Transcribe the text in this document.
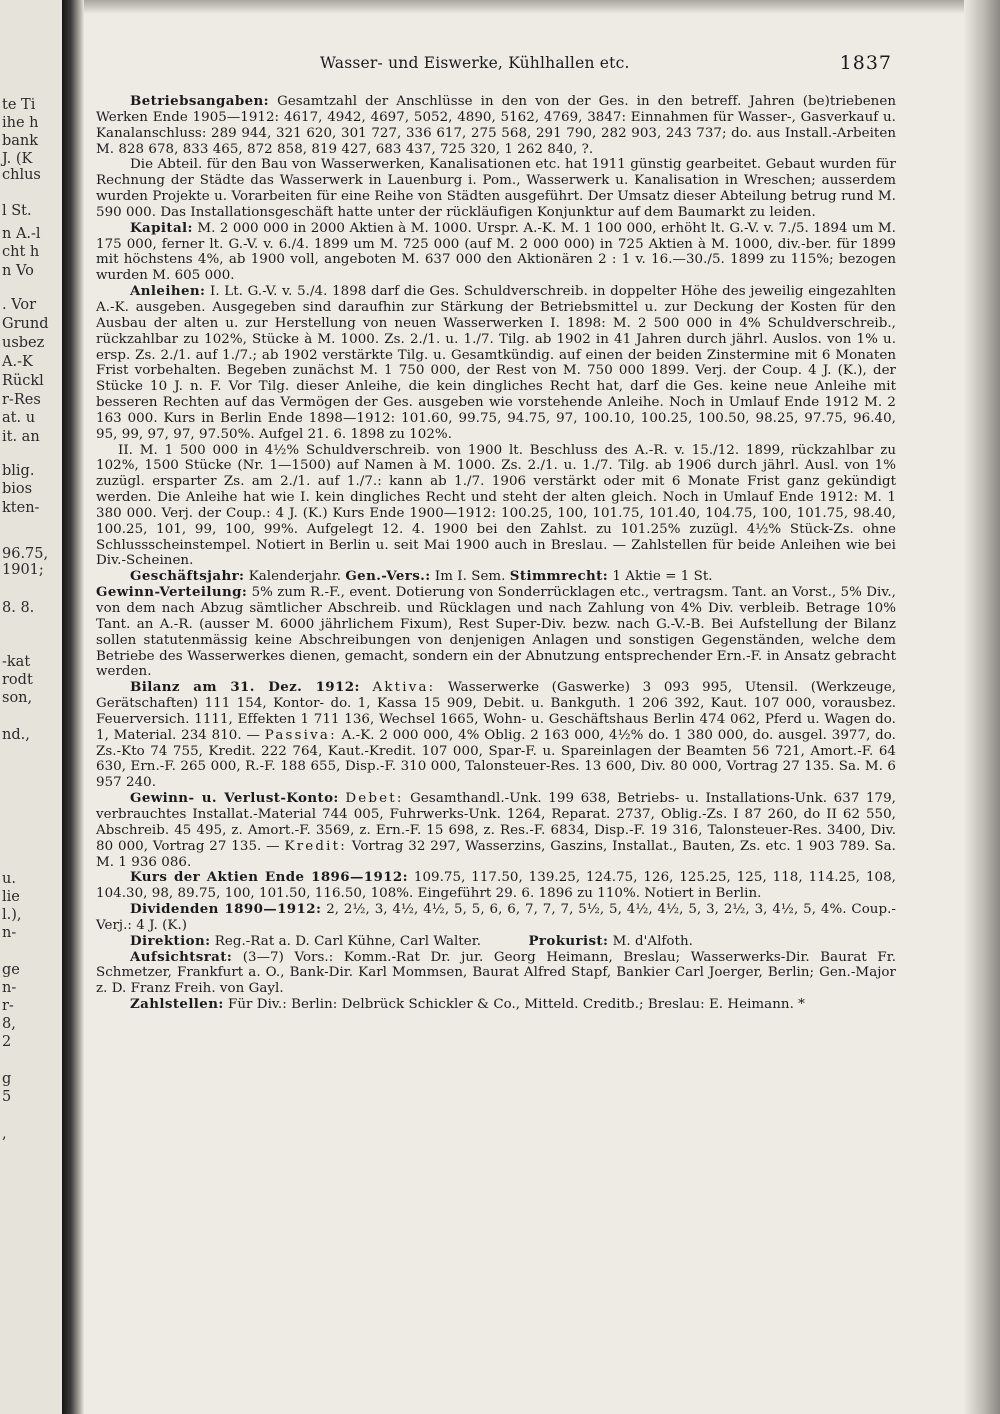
te Ti
ihe h
bank
J. (K
chlus
l St.
n A.-l
cht h
n Vo
. Vor
Grund
usbez
A.-K
Rückl
r-Res
at. u
it. an
blig.
bios
kten-
96.75,
1901;
8. 8.
-kat
rodt
son,
nd.,
u.
lie
l.),
n-
ge
n-
r-
8,
2
g
5
,
Wasser- und Eiswerke, Kühlhallen etc.	1837

Betriebsangaben: Gesamtzahl der Anschlüsse in den von der Ges. in den betreff. Jahren (be)triebenen Werken Ende 1905—1912: 4617, 4942, 4697, 5052, 4890, 5162, 4769, 3847: Einnahmen für Wasser-, Gasverkauf u. Kanalanschluss: 289 944, 321 620, 301 727, 336 617, 275 568, 291 790, 282 903, 243 737; do. aus Install.-Arbeiten M. 828 678, 833 465, 872 858, 819 427, 683 437, 725 320, 1 262 840, ?.

Die Abteil. für den Bau von Wasserwerken, Kanalisationen etc. hat 1911 günstig gearbeitet. Gebaut wurden für Rechnung der Städte das Wasserwerk in Lauenburg i. Pom., Wasserwerk u. Kanalisation in Wreschen; ausserdem wurden Projekte u. Vorarbeiten für eine Reihe von Städten ausgeführt. Der Umsatz dieser Abteilung betrug rund M. 590 000. Das Installationsgeschäft hatte unter der rückläufigen Konjunktur auf dem Baumarkt zu leiden.

Kapital: M. 2 000 000 in 2000 Aktien à M. 1000. Urspr. A.-K. M. 1 100 000, erhöht lt. G.-V. v. 7./5. 1894 um M. 175 000, ferner lt. G.-V. v. 6./4. 1899 um M. 725 000 (auf M. 2 000 000) in 725 Aktien à M. 1000, div.-ber. für 1899 mit höchstens 4%, ab 1900 voll, angeboten M. 637 000 den Aktionären 2 : 1 v. 16.—30./5. 1899 zu 115%; bezogen wurden M. 605 000.

Anleihen: I. Lt. G.-V. v. 5./4. 1898 darf die Ges. Schuldverschreib. in doppelter Höhe des jeweilig eingezahlten A.-K. ausgeben. Ausgegeben sind daraufhin zur Stärkung der Betriebsmittel u. zur Deckung der Kosten für den Ausbau der alten u. zur Herstellung von neuen Wasserwerken I. 1898: M. 2 500 000 in 4% Schuldverschreib., rückzahlbar zu 102%, Stücke à M. 1000. Zs. 2./1. u. 1./7. Tilg. ab 1902 in 41 Jahren durch jährl. Auslos. von 1% u. ersp. Zs. 2./1. auf 1./7.; ab 1902 verstärkte Tilg. u. Gesamtkündig. auf einen der beiden Zinstermine mit 6 Monaten Frist vorbehalten. Begeben zunächst M. 1 750 000, der Rest von M. 750 000 1899. Verj. der Coup. 4 J. (K.), der Stücke 10 J. n. F. Vor Tilg. dieser Anleihe, die kein dingliches Recht hat, darf die Ges. keine neue Anleihe mit besseren Rechten auf das Vermögen der Ges. ausgeben wie vorstehende Anleihe. Noch in Umlauf Ende 1912 M. 2 163 000. Kurs in Berlin Ende 1898—1912: 101.60, 99.75, 94.75, 97, 100.10, 100.25, 100.50, 98.25, 97.75, 96.40, 95, 99, 97, 97, 97.50%. Aufgel 21. 6. 1898 zu 102%.

II. M. 1 500 000 in 4½% Schuldverschreib. von 1900 lt. Beschluss des A.-R. v. 15./12. 1899, rückzahlbar zu 102%, 1500 Stücke (Nr. 1—1500) auf Namen à M. 1000. Zs. 2./1. u. 1./7. Tilg. ab 1906 durch jährl. Ausl. von 1% zuzügl. ersparter Zs. am 2./1. auf 1./7.: kann ab 1./7. 1906 verstärkt oder mit 6 Monate Frist ganz gekündigt werden. Die Anleihe hat wie I. kein dingliches Recht und steht der alten gleich. Noch in Umlauf Ende 1912: M. 1 380 000. Verj. der Coup.: 4 J. (K.) Kurs Ende 1900—1912: 100.25, 100, 101.75, 101.40, 104.75, 100, 101.75, 98.40, 100.25, 101, 99, 100, 99%. Aufgelegt 12. 4. 1900 bei den Zahlst. zu 101.25% zuzügl. 4½% Stück-Zs. ohne Schlussscheinstempel. Notiert in Berlin u. seit Mai 1900 auch in Breslau. — Zahlstellen für beide Anleihen wie bei Div.-Scheinen.

Geschäftsjahr: Kalenderjahr. Gen.-Vers.: Im I. Sem. Stimmrecht: 1 Aktie = 1 St.

Gewinn-Verteilung: 5% zum R.-F., event. Dotierung von Sonderrücklagen etc., vertragsm. Tant. an Vorst., 5% Div., von dem nach Abzug sämtlicher Abschreib. und Rücklagen und nach Zahlung von 4% Div. verbleib. Betrage 10% Tant. an A.-R. (ausser M. 6000 jährlichem Fixum), Rest Super-Div. bezw. nach G.-V.-B. Bei Aufstellung der Bilanz sollen statutenmässig keine Abschreibungen von denjenigen Anlagen und sonstigen Gegenständen, welche dem Betriebe des Wasserwerkes dienen, gemacht, sondern ein der Abnutzung entsprechender Ern.-F. in Ansatz gebracht werden.

Bilanz am 31. Dez. 1912: Aktiva: Wasserwerke (Gaswerke) 3 093 995, Utensil. (Werkzeuge, Gerätschaften) 111 154, Kontor- do. 1, Kassa 15 909, Debit. u. Bankguth. 1 206 392, Kaut. 107 000, vorausbez. Feuerversich. 1111, Effekten 1 711 136, Wechsel 1665, Wohn- u. Geschäftshaus Berlin 474 062, Pferd u. Wagen do. 1, Material. 234 810. — Passiva: A.-K. 2 000 000, 4% Oblig. 2 163 000, 4½% do. 1 380 000, do. ausgel. 3977, do. Zs.-Kto 74 755, Kredit. 222 764, Kaut.-Kredit. 107 000, Spar-F. u. Spareinlagen der Beamten 56 721, Amort.-F. 64 630, Ern.-F. 265 000, R.-F. 188 655, Disp.-F. 310 000, Talonsteuer-Res. 13 600, Div. 80 000, Vortrag 27 135. Sa. M. 6 957 240.

Gewinn- u. Verlust-Konto: Debet: Gesamthandl.-Unk. 199 638, Betriebs- u. Installations-Unk. 637 179, verbrauchtes Installat.-Material 744 005, Fuhrwerks-Unk. 1264, Reparat. 2737, Oblig.-Zs. I 87 260, do II 62 550, Abschreib. 45 495, z. Amort.-F. 3569, z. Ern.-F. 15 698, z. Res.-F. 6834, Disp.-F. 19 316, Talonsteuer-Res. 3400, Div. 80 000, Vortrag 27 135. — Kredit: Vortrag 32 297, Wasserzins, Gaszins, Installat., Bauten, Zs. etc. 1 903 789. Sa. M. 1 936 086.

Kurs der Aktien Ende 1896—1912: 109.75, 117.50, 139.25, 124.75, 126, 125.25, 125, 118, 114.25, 108, 104.30, 98, 89.75, 100, 101.50, 116.50, 108%. Eingeführt 29. 6. 1896 zu 110%. Notiert in Berlin.

Dividenden 1890—1912: 2, 2½, 3, 4½, 4½, 5, 5, 6, 6, 7, 7, 7, 5½, 5, 4½, 4½, 5, 3, 2½, 3, 4½, 5, 4%. Coup.-Verj.: 4 J. (K.)

Direktion: Reg.-Rat a. D. Carl Kühne, Carl Walter.	Prokurist: M. d'Alfoth.

Aufsichtsrat: (3—7) Vors.: Komm.-Rat Dr. jur. Georg Heimann, Breslau; Wasserwerks-Dir. Baurat Fr. Schmetzer, Frankfurt a. O., Bank-Dir. Karl Mommsen, Baurat Alfred Stapf, Bankier Carl Joerger, Berlin; Gen.-Major z. D. Franz Freih. von Gayl.

Zahlstellen: Für Div.: Berlin: Delbrück Schickler & Co., Mitteld. Creditb.; Breslau: E. Heimann. *
